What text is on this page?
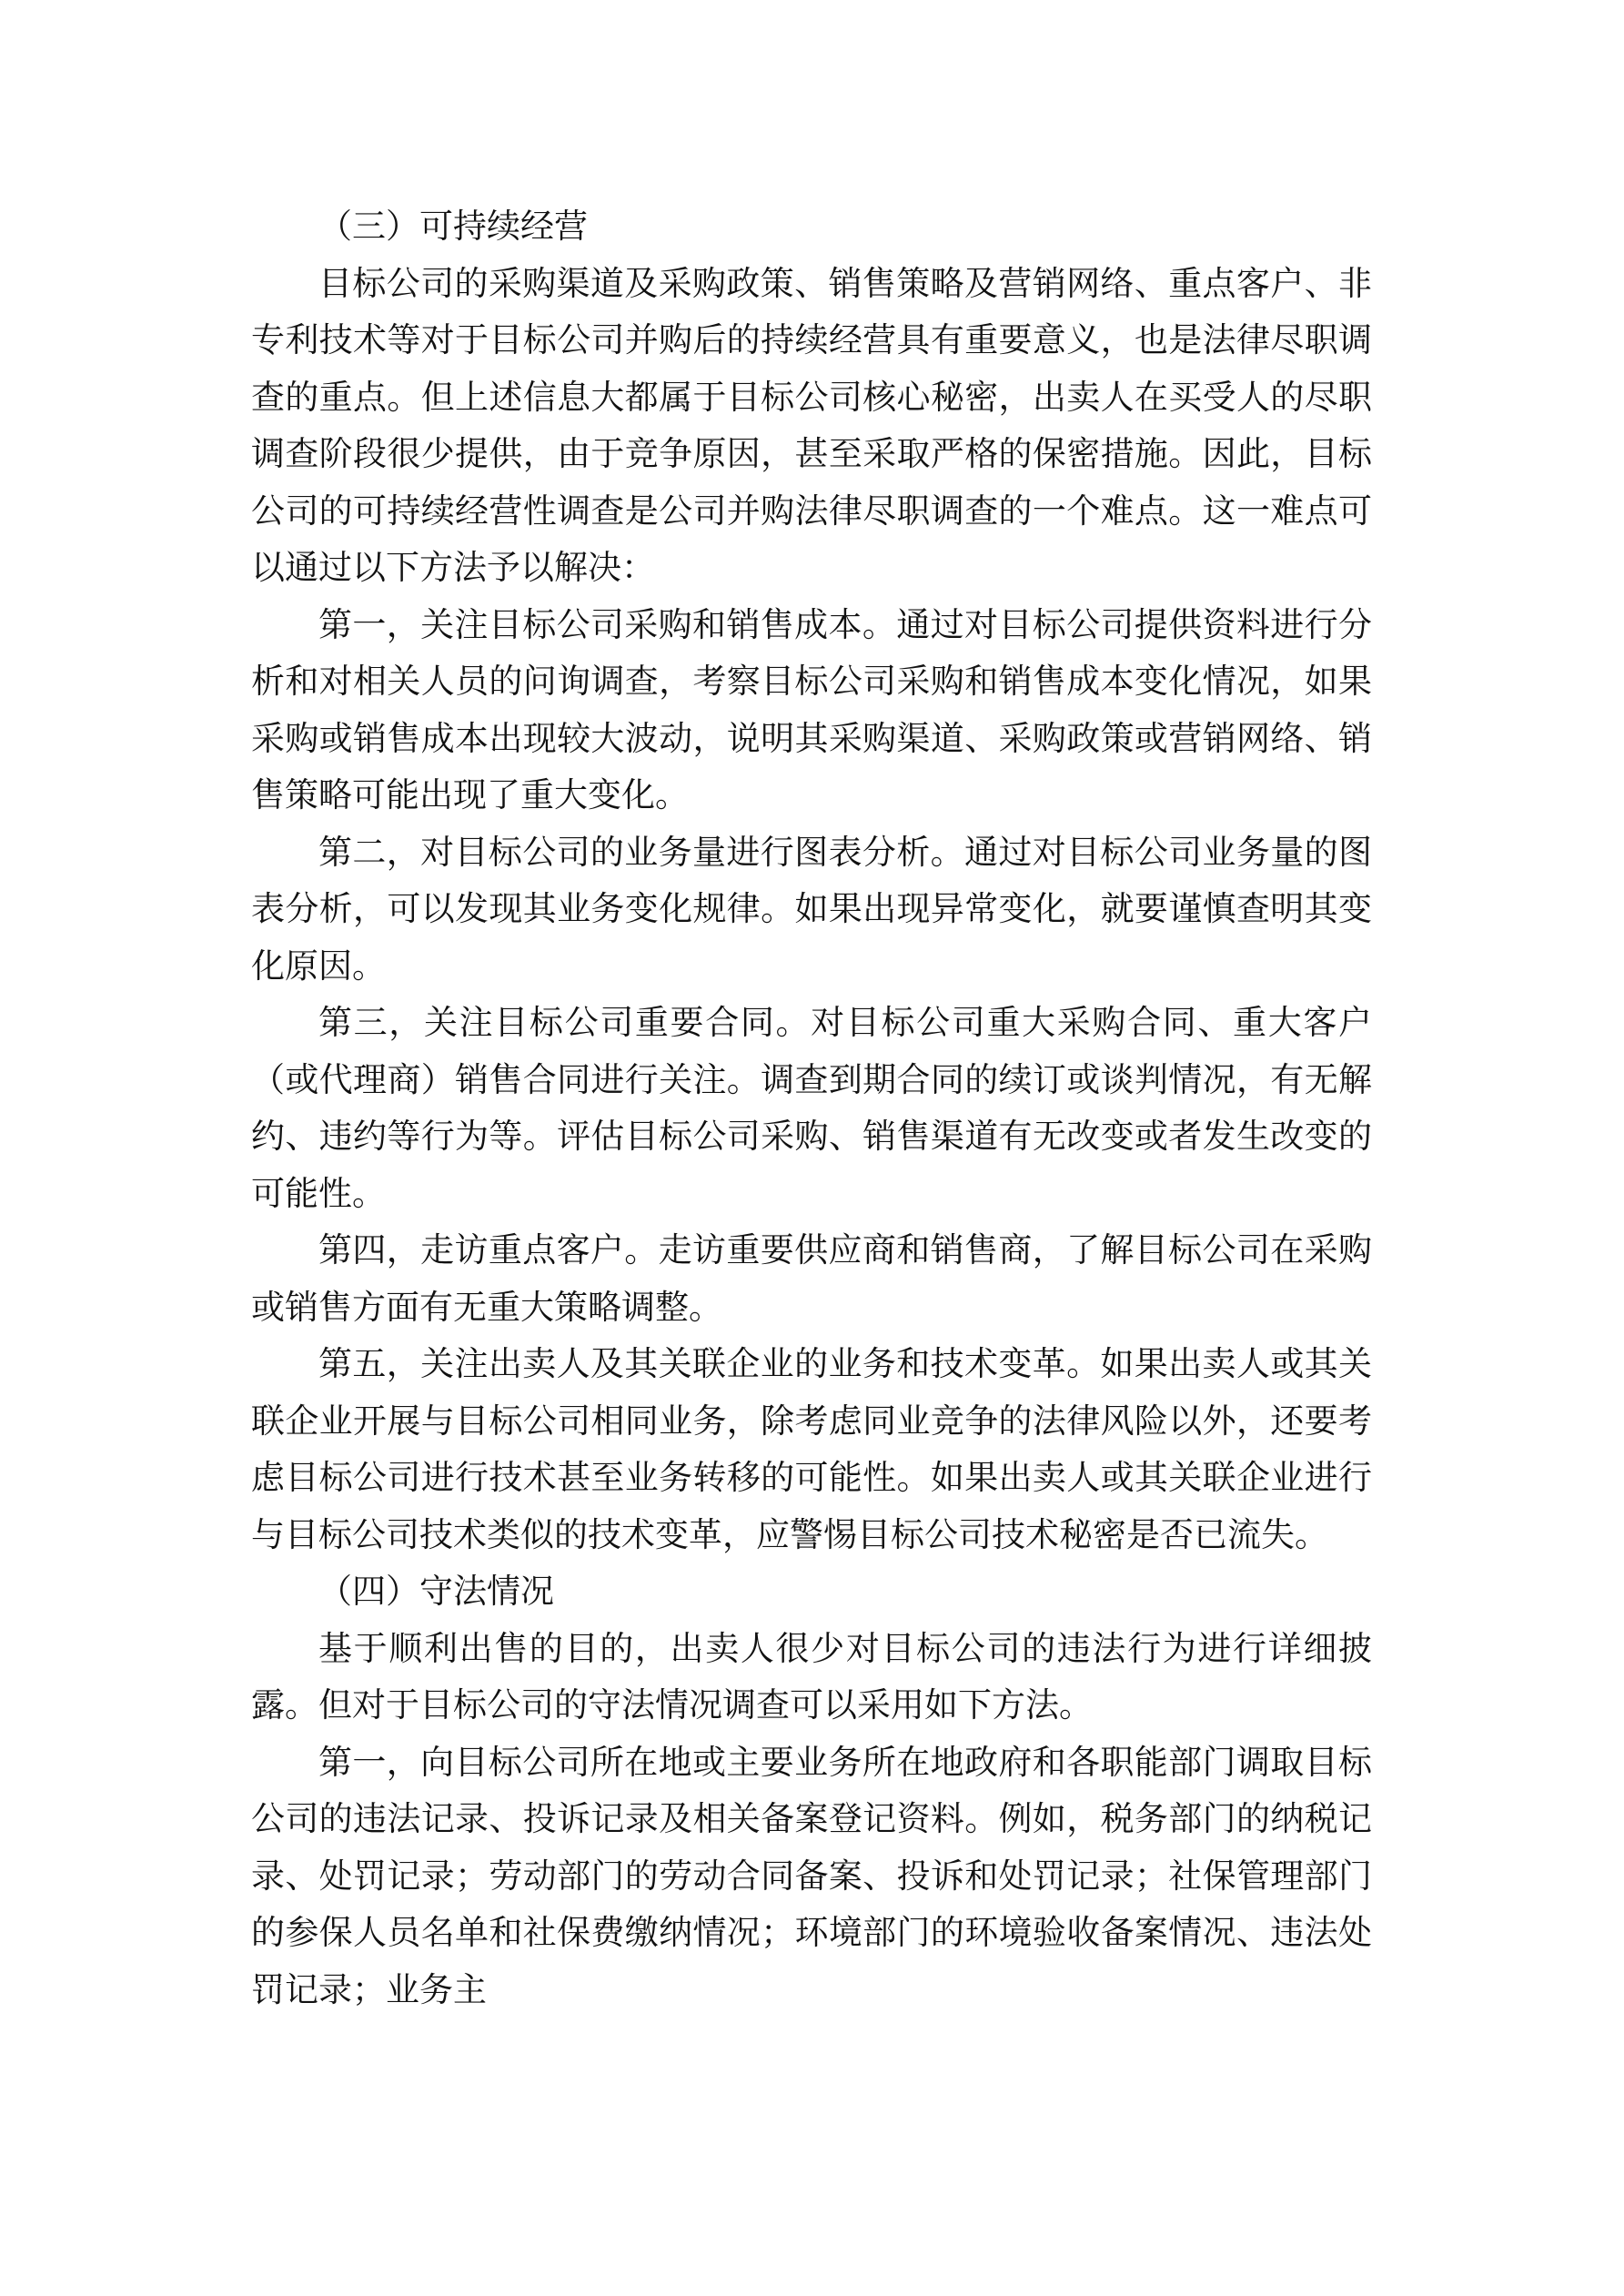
（三）可持续经营

目标公司的采购渠道及采购政策、销售策略及营销网络、重点客户、非专利技术等对于目标公司并购后的持续经营具有重要意义，也是法律尽职调查的重点。但上述信息大都属于目标公司核心秘密，出卖人在买受人的尽职调查阶段很少提供，由于竞争原因，甚至采取严格的保密措施。因此，目标公司的可持续经营性调查是公司并购法律尽职调查的一个难点。这一难点可以通过以下方法予以解决：

第一，关注目标公司采购和销售成本。通过对目标公司提供资料进行分析和对相关人员的问询调查，考察目标公司采购和销售成本变化情况，如果采购或销售成本出现较大波动，说明其采购渠道、采购政策或营销网络、销售策略可能出现了重大变化。

第二，对目标公司的业务量进行图表分析。通过对目标公司业务量的图表分析，可以发现其业务变化规律。如果出现异常变化，就要谨慎查明其变化原因。

第三，关注目标公司重要合同。对目标公司重大采购合同、重大客户（或代理商）销售合同进行关注。调查到期合同的续订或谈判情况，有无解约、违约等行为等。评估目标公司采购、销售渠道有无改变或者发生改变的可能性。

第四，走访重点客户。走访重要供应商和销售商，了解目标公司在采购或销售方面有无重大策略调整。

第五，关注出卖人及其关联企业的业务和技术变革。如果出卖人或其关联企业开展与目标公司相同业务，除考虑同业竞争的法律风险以外，还要考虑目标公司进行技术甚至业务转移的可能性。如果出卖人或其关联企业进行与目标公司技术类似的技术变革，应警惕目标公司技术秘密是否已流失。

（四）守法情况

基于顺利出售的目的，出卖人很少对目标公司的违法行为进行详细披露。但对于目标公司的守法情况调查可以采用如下方法。

第一，向目标公司所在地或主要业务所在地政府和各职能部门调取目标公司的违法记录、投诉记录及相关备案登记资料。例如，税务部门的纳税记录、处罚记录；劳动部门的劳动合同备案、投诉和处罚记录；社保管理部门的参保人员名单和社保费缴纳情况；环境部门的环境验收备案情况、违法处罚记录；业务主
